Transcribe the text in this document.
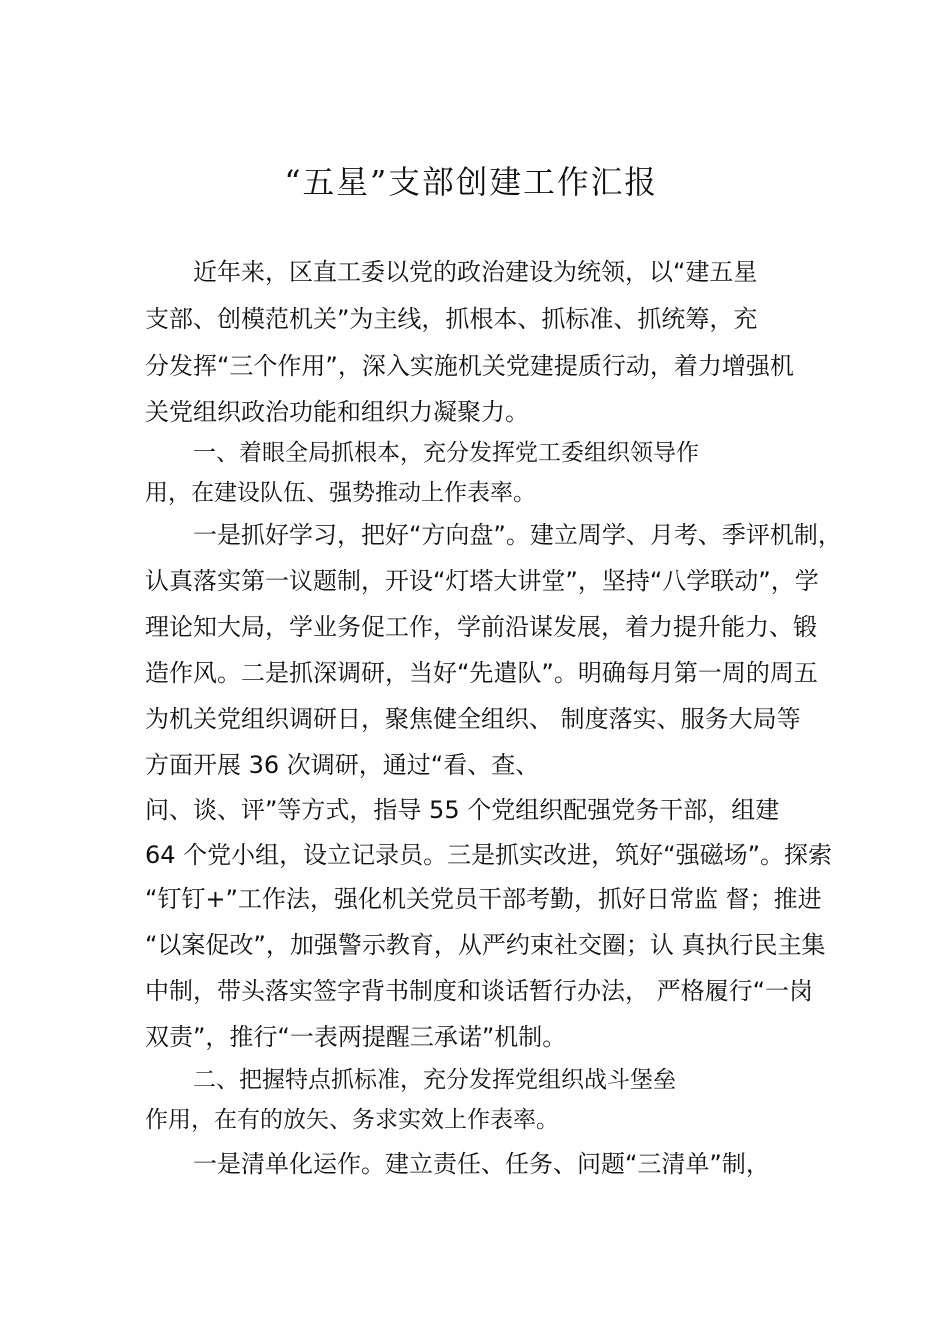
“五星”支部创建工作汇报
近年来，区直工委以党的政治建设为统领，以“建五星
支部、创模范机关”为主线，抓根本、抓标准、抓统筹，充
分发挥“三个作用”，深入实施机关党建提质行动，着力增强机
关党组织政治功能和组织力凝聚力。
一、着眼全局抓根本，充分发挥党工委组织领导作
用，在建设队伍、强势推动上作表率。
一是抓好学习，把好“方向盘”。建立周学、月考、季评机制，
认真落实第一议题制，开设“灯塔大讲堂”，坚持“八学联动”，学
理论知大局，学业务促工作，学前沿谋发展，着力提升能力、锻
造作风。二是抓深调研，当好“先遣队”。明确每月第一周的周五
为机关党组织调研日，聚焦健全组织、 制度落实、服务大局等
方面开展 36 次调研，通过“看、查、
问、谈、评”等方式，指导 55 个党组织配强党务干部，组建
64 个党小组，设立记录员。三是抓实改进，筑好“强磁场”。探索
“钉钉+”工作法，强化机关党员干部考勤，抓好日常监 督；推进
“以案促改”，加强警示教育，从严约束社交圈；认 真执行民主集
中制，带头落实签字背书制度和谈话暂行办法， 严格履行“一岗
双责”，推行“一表两提醒三承诺”机制。
二、把握特点抓标准，充分发挥党组织战斗堡垒
作用，在有的放矢、务求实效上作表率。
一是清单化运作。建立责任、任务、问题“三清单”制，
